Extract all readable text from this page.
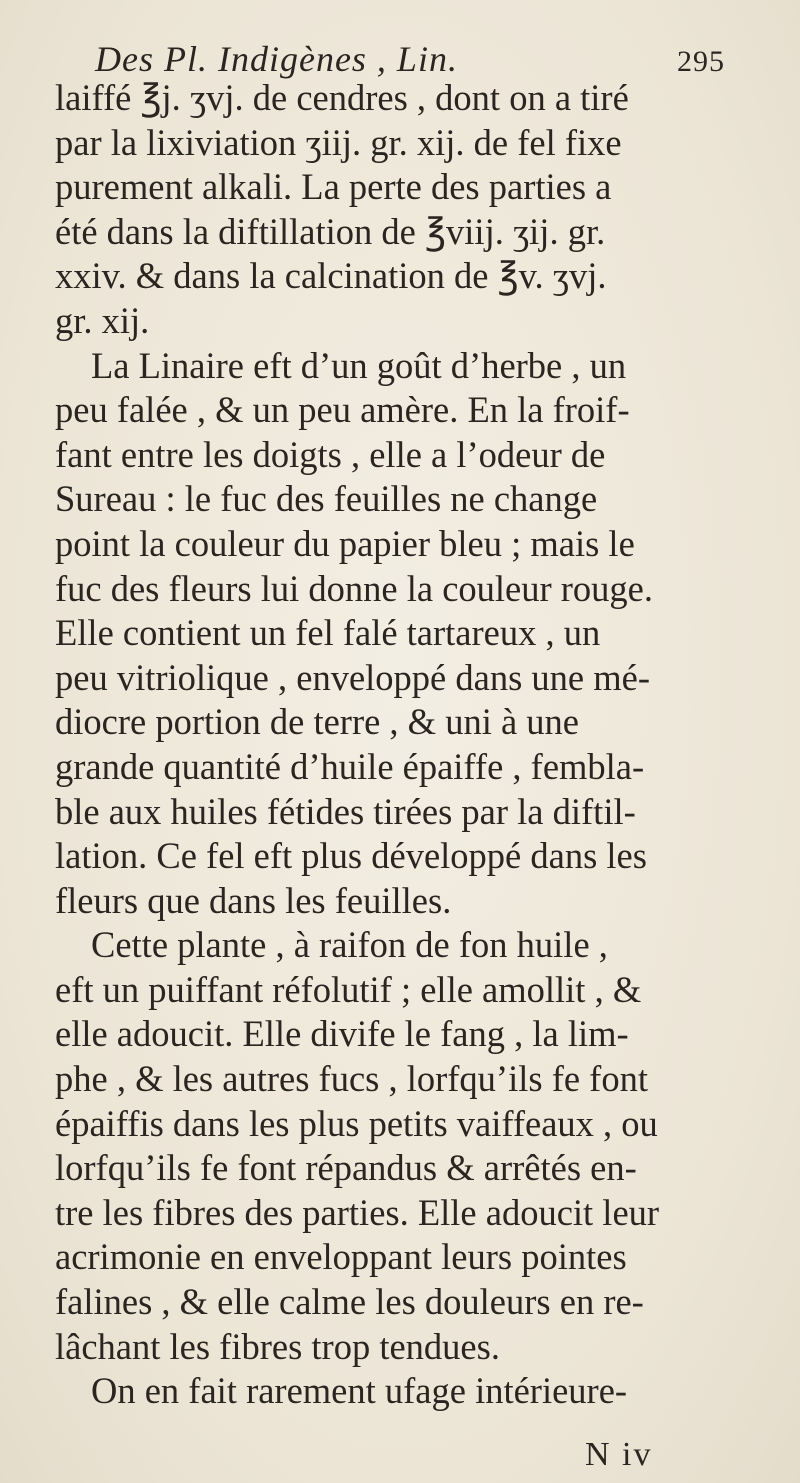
Des Pl. Indigènes , Lin.	295
laiffé ℥j. ʒvj. de cendres , dont on a tiré
par la lixiviation ʒiij. gr. xij. de fel fixe
purement alkali. La perte des parties a
été dans la diftillation de ℥viij. ʒij. gr.
xxiv. & dans la calcination de ℥v. ʒvj.
gr. xij.
La Linaire eft d’un goût d’herbe , un
peu falée , & un peu amère. En la froif-
fant entre les doigts , elle a l’odeur de
Sureau : le fuc des feuilles ne change
point la couleur du papier bleu ; mais le
fuc des fleurs lui donne la couleur rouge.
Elle contient un fel falé tartareux , un
peu vitriolique , enveloppé dans une mé-
diocre portion de terre , & uni à une
grande quantité d’huile épaiffe , fembla-
ble aux huiles fétides tirées par la diftil-
lation. Ce fel eft plus développé dans les
fleurs que dans les feuilles.
Cette plante , à raifon de fon huile ,
eft un puiffant réfolutif ; elle amollit , &
elle adoucit. Elle divife le fang , la lim-
phe , & les autres fucs , lorfqu’ils fe font
épaiffis dans les plus petits vaiffeaux , ou
lorfqu’ils fe font répandus & arrêtés en-
tre les fibres des parties. Elle adoucit leur
acrimonie en enveloppant leurs pointes
falines , & elle calme les douleurs en re-
lâchant les fibres trop tendues.
On en fait rarement ufage intérieure-
N iv
